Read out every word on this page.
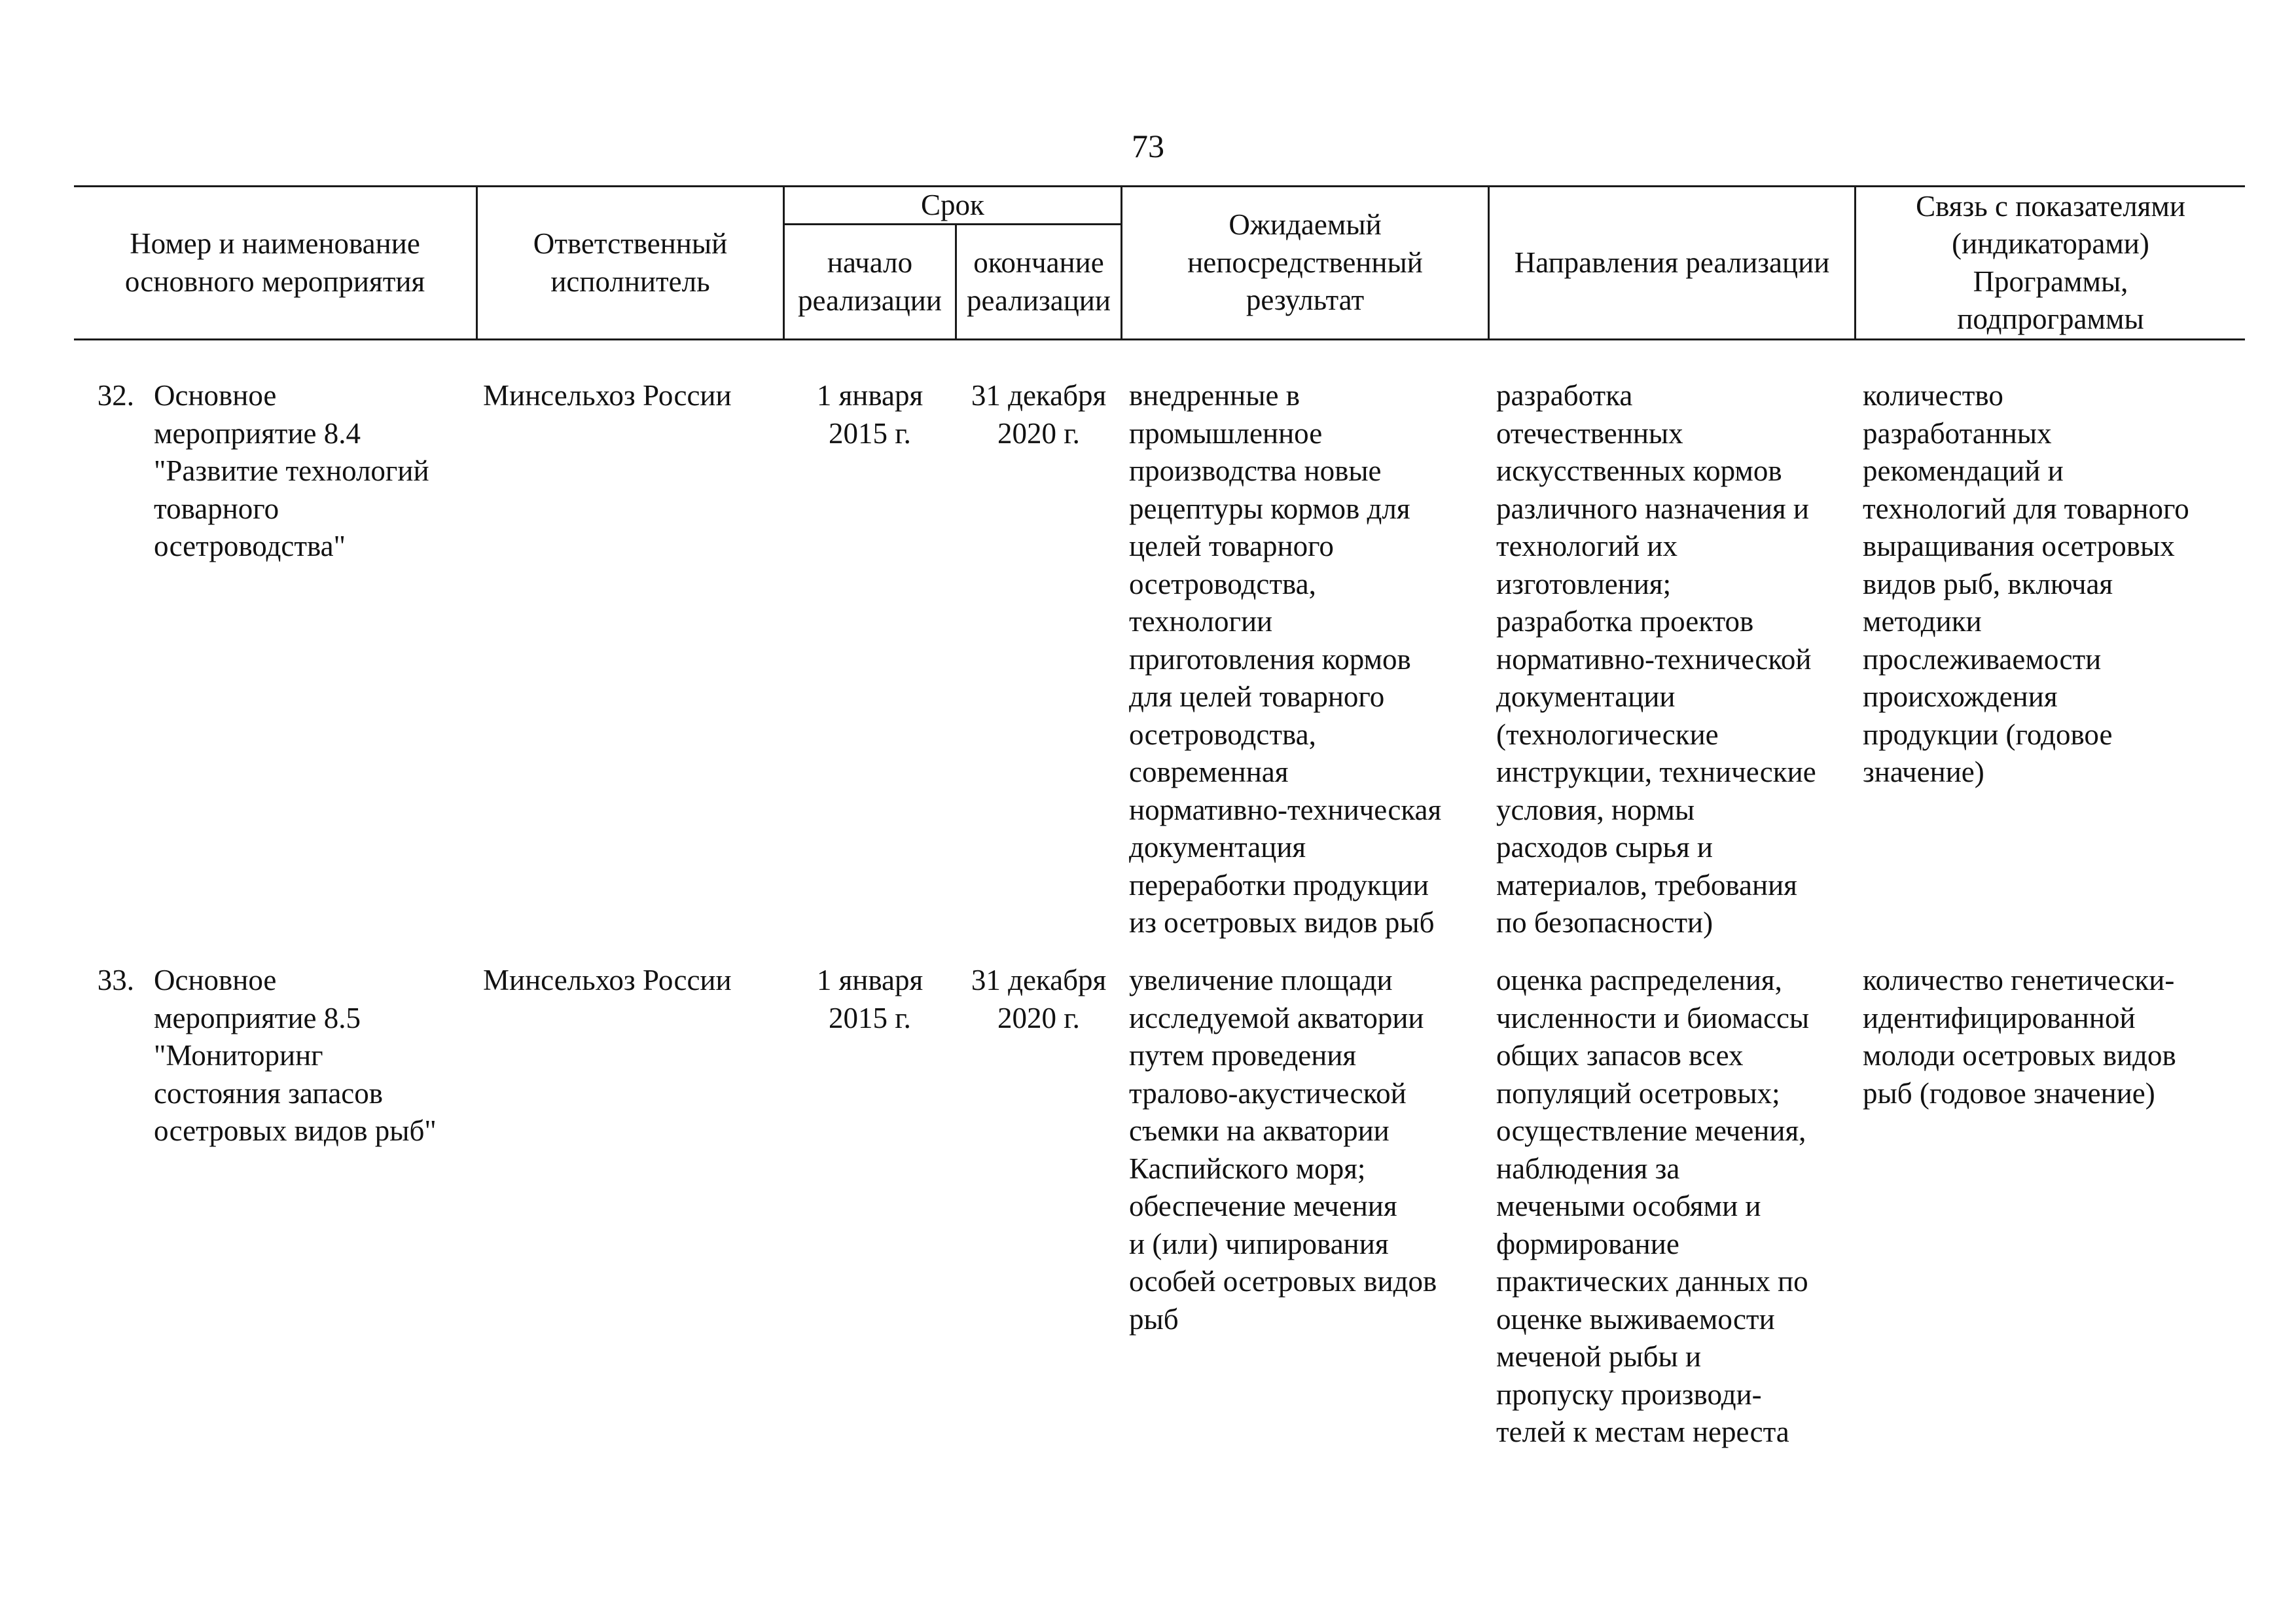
73
Номер и наименование
основного мероприятия
Ответственный
исполнитель
Срок
начало
реализации
окончание
реализации
Ожидаемый
непосредственный
результат
Направления реализации
Связь с показателями
(индикаторами)
Программы,
подпрограммы
32. Основное
мероприятие 8.4
"Развитие технологий
товарного
осетроводства"
Минсельхоз России	1 января
2015 г.
31 декабря
2020 г.
внедренные в
промышленное
производства новые
рецептуры кормов для
целей товарного
осетроводства,
технологии
приготовления кормов
для целей товарного
осетроводства,
современная
нормативно-техническая
документация
переработки продукции
из осетровых видов рыб
разработка
отечественных
искусственных кормов
различного назначения и
технологий их
изготовления;
разработка проектов
нормативно-технической
документации
(технологические
инструкции, технические
условия, нормы
расходов сырья и
материалов, требования
по безопасности)
количество
разработанных
рекомендаций и
технологий для товарного
выращивания осетровых
видов рыб, включая
методики
прослеживаемости
происхождения
продукции (годовое
значение)
33. Основное
мероприятие 8.5
"Мониторинг
состояния запасов
осетровых видов рыб"
Минсельхоз России	1 января
2015 г.
31 декабря
2020 г.
увеличение площади
исследуемой акватории
путем проведения
тралово-акустической
съемки на акватории
Каспийского моря;
обеспечение мечения
и (или) чипирования
особей осетровых видов
рыб
оценка распределения,
численности и биомассы
общих запасов всех
популяций осетровых;
осуществление мечения,
наблюдения за
мечеными особями и
формирование
практических данных по
оценке выживаемости
меченой рыбы и
пропуску производи-
телей к местам нереста
количество генетически-
идентифицированной
молоди осетровых видов
рыб (годовое значение)
